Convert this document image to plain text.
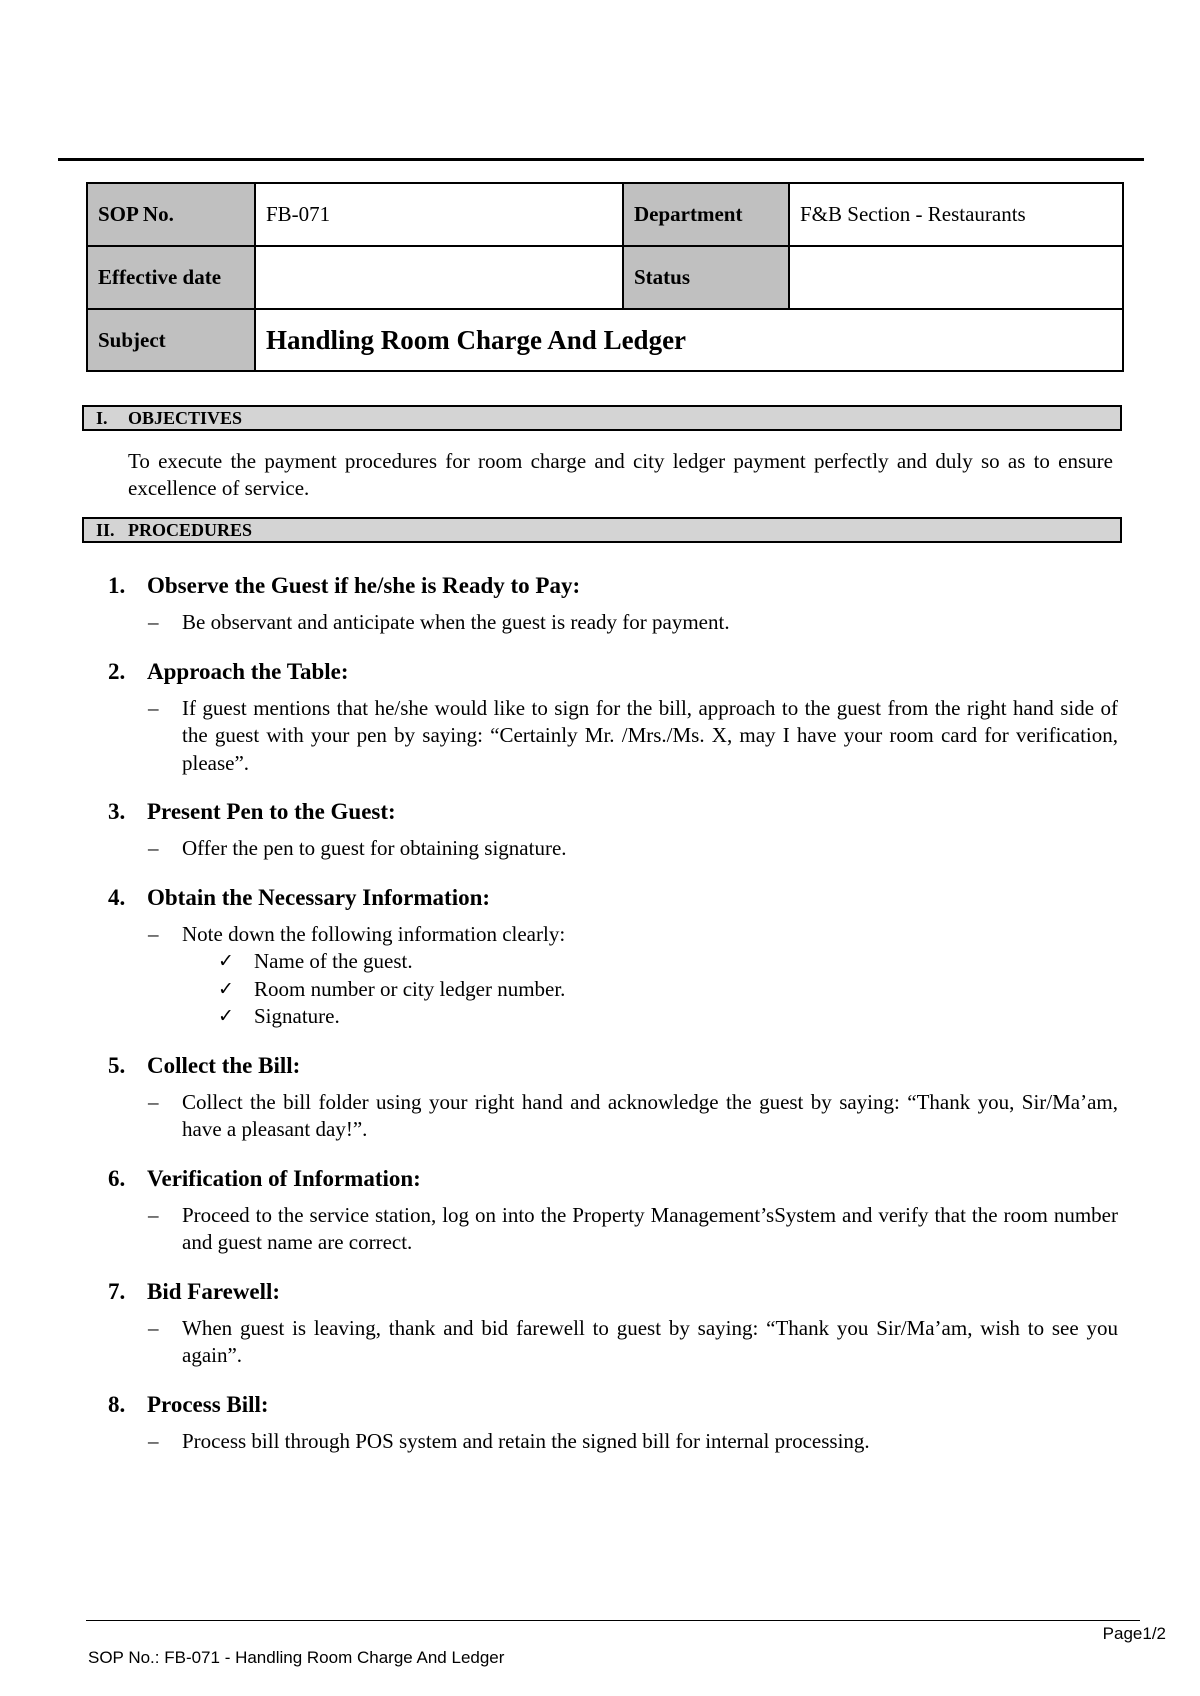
SOP No.	FB-071	Department	F&B Section - Restaurants
Effective date		Status	
Subject	Handling Room Charge And Ledger		
I. OBJECTIVES
To execute the payment procedures for room charge and city ledger payment perfectly and duly so as to ensure excellence of service.
II. PROCEDURES
1. Observe the Guest if he/she is Ready to Pay:
– Be observant and anticipate when the guest is ready for payment.
2. Approach the Table:
– If guest mentions that he/she would like to sign for the bill, approach to the guest from the right hand side of the guest with your pen by saying: “Certainly Mr. /Mrs./Ms. X, may I have your room card for verification, please”.
3. Present Pen to the Guest:
– Offer the pen to guest for obtaining signature.
4. Obtain the Necessary Information:
– Note down the following information clearly:
✓ Name of the guest.
✓ Room number or city ledger number.
✓ Signature.
5. Collect the Bill:
– Collect the bill folder using your right hand and acknowledge the guest by saying: “Thank you, Sir/Ma’am, have a pleasant day!”.
6. Verification of Information:
– Proceed to the service station, log on into the Property Management’sSystem and verify that the room number and guest name are correct.
7. Bid Farewell:
– When guest is leaving, thank and bid farewell to guest by saying: “Thank you Sir/Ma’am, wish to see you again”.
8. Process Bill:
– Process bill through POS system and retain the signed bill for internal processing.
Page1/2
SOP No.: FB-071 - Handling Room Charge And Ledger
